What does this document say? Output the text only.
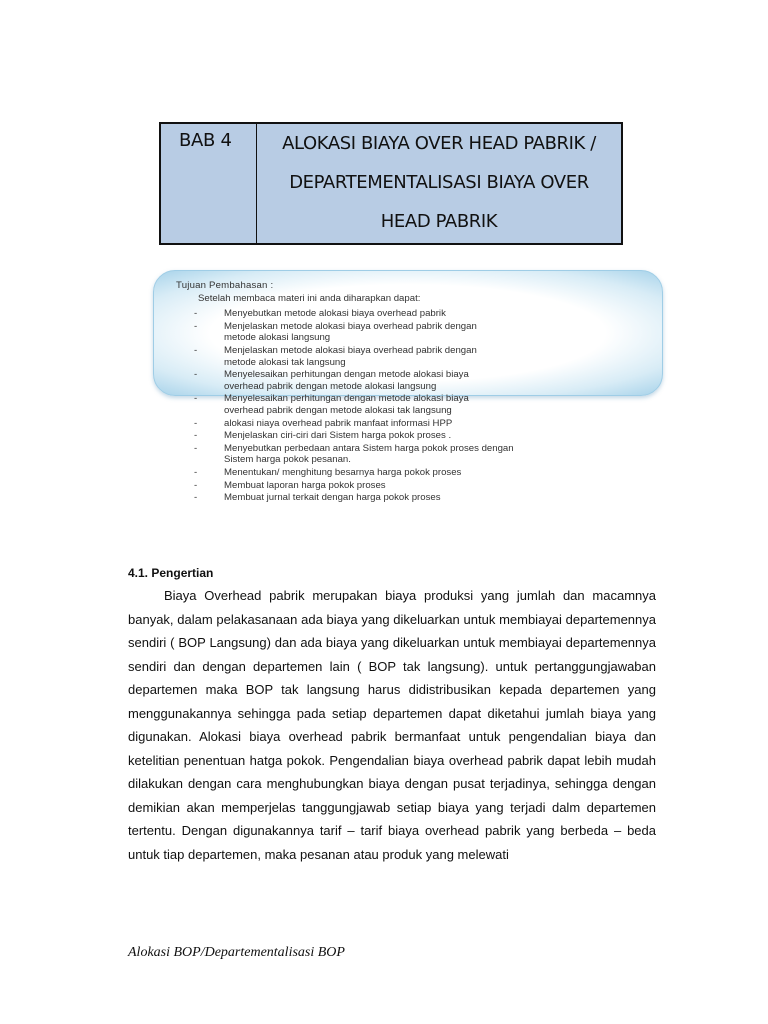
BAB 4	ALOKASI BIAYA OVER HEAD PABRIK /
DEPARTEMENTALISASI BIAYA OVER
HEAD PABRIK
Tujuan Pembahasan :
Setelah membaca materi ini anda diharapkan dapat:
-	Menyebutkan metode alokasi biaya overhead pabrik
-	Menjelaskan metode alokasi biaya overhead pabrik dengan
metode alokasi langsung
-	Menjelaskan metode alokasi biaya overhead pabrik dengan
metode alokasi tak langsung
-	Menyelesaikan perhitungan dengan metode alokasi biaya
overhead pabrik dengan metode alokasi langsung
-	Menyelesaikan perhitungan dengan metode alokasi biaya
overhead pabrik dengan metode alokasi tak langsung
-	alokasi niaya overhead pabrik manfaat informasi HPP
-	Menjelaskan ciri-ciri dari Sistem harga pokok proses .
-	Menyebutkan perbedaan antara Sistem harga pokok proses dengan
Sistem harga pokok pesanan.
-	Menentukan/ menghitung besarnya harga pokok proses
-	Membuat laporan harga pokok proses
-	Membuat jurnal terkait dengan harga pokok proses
4.1. Pengertian

Biaya Overhead pabrik merupakan biaya produksi yang jumlah dan macamnya banyak, dalam pelakasanaan ada biaya yang dikeluarkan untuk membiayai departemennya sendiri ( BOP Langsung) dan ada biaya yang dikeluarkan untuk membiayai departemennya sendiri dan dengan departemen lain ( BOP tak langsung). untuk pertanggungjawaban departemen maka BOP tak langsung harus didistribusikan kepada departemen yang menggunakannya sehingga pada setiap departemen dapat diketahui jumlah biaya yang digunakan. Alokasi biaya overhead pabrik bermanfaat untuk pengendalian biaya dan ketelitian penentuan hatga pokok. Pengendalian biaya overhead pabrik dapat lebih mudah dilakukan dengan cara menghubungkan biaya dengan pusat terjadinya, sehingga dengan demikian akan memperjelas tanggungjawab setiap biaya yang terjadi dalm departemen tertentu. Dengan digunakannya tarif – tarif biaya overhead pabrik yang berbeda – beda untuk tiap departemen, maka pesanan atau produk yang melewati

Alokasi BOP/Departementalisasi BOP
